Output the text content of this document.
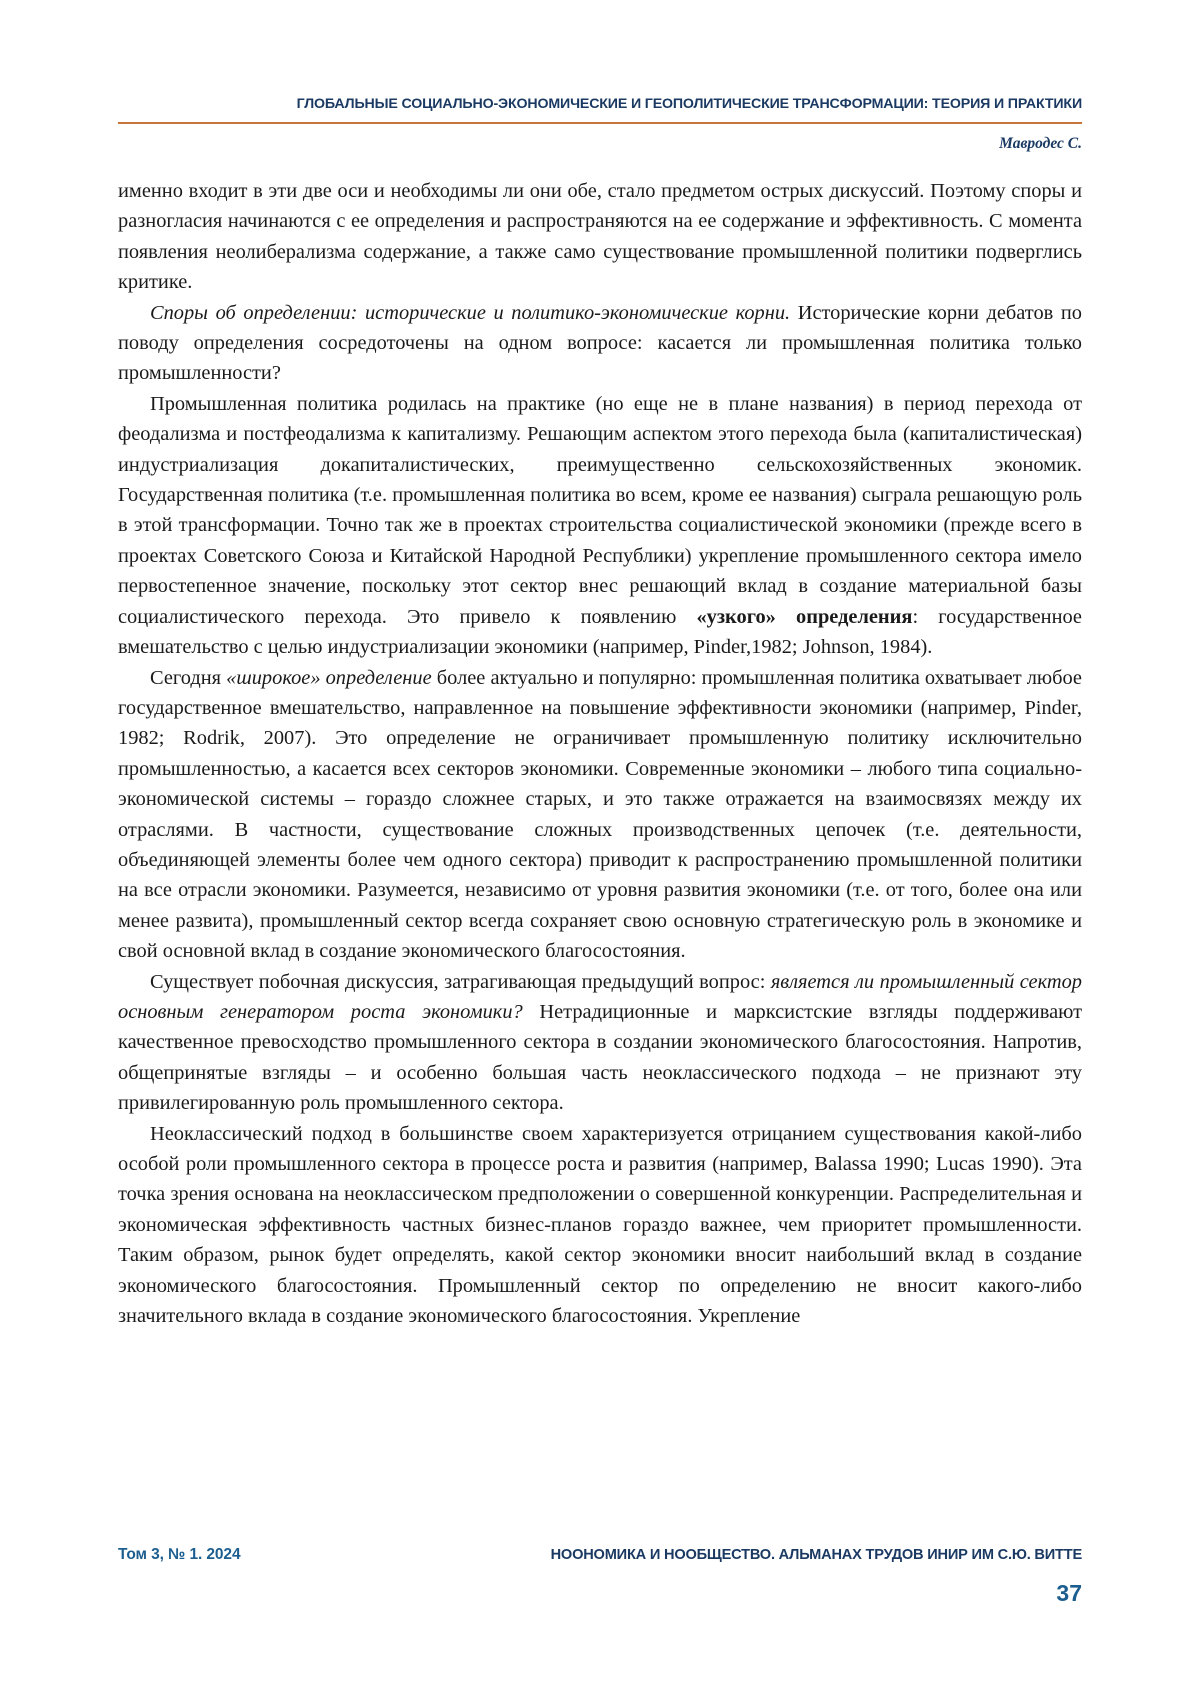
ГЛОБАЛЬНЫЕ СОЦИАЛЬНО-ЭКОНОМИЧЕСКИЕ И ГЕОПОЛИТИЧЕСКИЕ ТРАНСФОРМАЦИИ: ТЕОРИЯ И ПРАКТИКИ
Мавродес С.

именно входит в эти две оси и необходимы ли они обе, стало предметом острых дискуссий. Поэтому споры и разногласия начинаются с ее определения и распространяются на ее содержание и эффективность. С момента появления неолиберализма содержание, а также само существование промышленной политики подверглись критике.

Споры об определении: исторические и политико-экономические корни. Исторические корни дебатов по поводу определения сосредоточены на одном вопросе: касается ли промышленная политика только промышленности?

Промышленная политика родилась на практике (но еще не в плане названия) в период перехода от феодализма и постфеодализма к капитализму. Решающим аспектом этого перехода была (капиталистическая) индустриализация докапиталистических, преимущественно сельскохозяйственных экономик. Государственная политика (т.е. промышленная политика во всем, кроме ее названия) сыграла решающую роль в этой трансформации. Точно так же в проектах строительства социалистической экономики (прежде всего в проектах Советского Союза и Китайской Народной Республики) укрепление промышленного сектора имело первостепенное значение, поскольку этот сектор внес решающий вклад в создание материальной базы социалистического перехода. Это привело к появлению «узкого» определения: государственное вмешательство с целью индустриализации экономики (например, Pinder,1982; Johnson, 1984).

Сегодня «широкое» определение более актуально и популярно: промышленная политика охватывает любое государственное вмешательство, направленное на повышение эффективности экономики (например, Pinder, 1982; Rodrik, 2007). Это определение не ограничивает промышленную политику исключительно промышленностью, а касается всех секторов экономики. Современные экономики – любого типа социально-экономической системы – гораздо сложнее старых, и это также отражается на взаимосвязях между их отраслями. В частности, существование сложных производственных цепочек (т.е. деятельности, объединяющей элементы более чем одного сектора) приводит к распространению промышленной политики на все отрасли экономики. Разумеется, независимо от уровня развития экономики (т.е. от того, более она или менее развита), промышленный сектор всегда сохраняет свою основную стратегическую роль в экономике и свой основной вклад в создание экономического благосостояния.

Существует побочная дискуссия, затрагивающая предыдущий вопрос: является ли промышленный сектор основным генератором роста экономики? Нетрадиционные и марксистские взгляды поддерживают качественное превосходство промышленного сектора в создании экономического благосостояния. Напротив, общепринятые взгляды – и особенно большая часть неоклассического подхода – не признают эту привилегированную роль промышленного сектора.

Неоклассический подход в большинстве своем характеризуется отрицанием существования какой-либо особой роли промышленного сектора в процессе роста и развития (например, Balassa 1990; Lucas 1990). Эта точка зрения основана на неоклассическом предположении о совершенной конкуренции. Распределительная и экономическая эффективность частных бизнес-планов гораздо важнее, чем приоритет промышленности. Таким образом, рынок будет определять, какой сектор экономики вносит наибольший вклад в создание экономического благосостояния. Промышленный сектор по определению не вносит какого-либо значительного вклада в создание экономического благосостояния. Укрепление

Том 3, № 1. 2024	НООНОМИКА И НООБЩЕСТВО. АЛЬМАНАХ ТРУДОВ ИНИР ИМ С.Ю. ВИТТЕ
37
